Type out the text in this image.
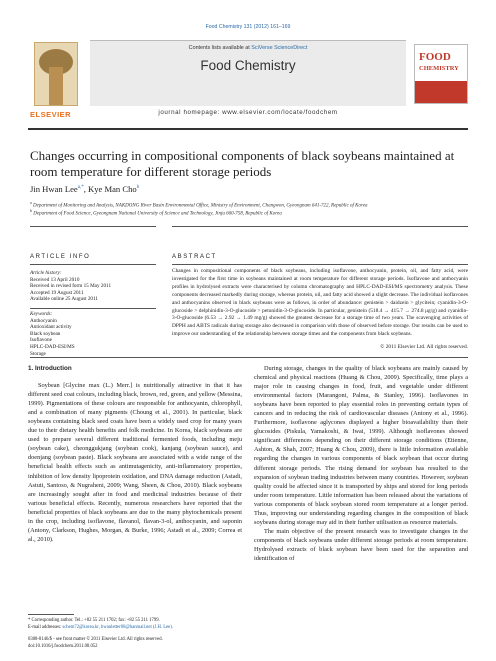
Food Chemistry 131 (2012) 161–169
ELSEVIER
Contents lists available at SciVerse ScienceDirect
Food Chemistry
journal homepage: www.elsevier.com/locate/foodchem
FOOD
CHEMISTRY
Changes occurring in compositional components of black soybeans maintained at room temperature for different storage periods
Jin Hwan Lee$^{a,*}$, Kye Man Cho$^b$
$^a$ Department of Monitoring and Analysis, NAKDONG River Basin Environmental Office, Ministry of Environment, Changwon, Gyeongnam 641-722, Republic of Korea
$^b$ Department of Food Science, Gyeongnam National University of Science and Technology, Jinju 660-758, Republic of Korea
ARTICLE INFO	ABSTRACT
Article history:
Received 13 April 2010
Received in revised form 15 May 2011
Accepted 19 August 2011
Available online 25 August 2011
Keywords:
Anthocyanin
Antioxidant activity
Black soybean
Isoflavone
HPLC-DAD-ESI/MS
Storage
Changes in compositional components of black soybeans, including isoflavone, anthocyanin, protein, oil, and fatty acid, were investigated for the first time in soybeans maintained at room temperature for different storage periods. Isoflavone and anthocyanin profiles in hydrolysed extracts were characterised by column chromatography and HPLC-DAD-ESI/MS spectrometry analysis. These components decreased markedly during storage, whereas protein, oil, and fatty acid showed a slight decrease. The individual isoflavones and anthocyanins observed in black soybeans were as follows, in order of abundance: genistein > daidzein > glycitein; cyanidin-3-O-glucoside > delphinidin-3-O-glucoside > petunidin-3-O-glucoside. In particular, genistein (518.4 → 415.7 → 274.8 μg/g) and cyanidin-3-O-glucoside (6.53 → 2.92 → 1.49 mg/g) showed the greatest decrease for a storage time of two years. The scavenging activities of DPPH and ABTS radicals during storage also decreased in comparison with those of observed before storage. Our results can be used to improve our understanding of the relationship between storage times and the components from black soybeans.
© 2011 Elsevier Ltd. All rights reserved.
1. Introduction

Soybean [Glycine max (L.) Merr.] is nutritionally attractive in that it has different seed coat colours, including black, brown, red, green, and yellow (Messina, 1999). Pigmentations of these colours are responsible for anthocyanin, chlorophyll, and a combination of many pigments (Choung et al., 2001). In particular, black soybeans containing black seed coats have been a widely used crop for many years due to their dietary health benefits and folk medicine. In Korea, black soybeans are used to prepare several different traditional fermented foods, including meju (soybean cake), cheonggukjang (soybean cook), kanjang (soybean sauce), and doenjang (soybean paste). Black soybeans are associated with a wide range of the beneficial health effects such as antimutagenicity, anti-inflammatory properties, inhibition of low density lipoprotein oxidation, and DNA damage reduction (Astadi, Astuti, Santoso, & Nugraheni, 2009; Wang, Sheen, & Chou, 2010). Black soybeans are increasingly sought after in food and medicinal industries because of their various beneficial effects. Recently, numerous researchers have reported that the beneficial properties of black soybeans are due to the many phytochemicals present in the crop, including isoflavone, flavanol, flavan-3-ol, anthocyanin, and saponin (Antony, Clarkson, Hughes, Morgan, & Burke, 1996; Astadi et al., 2009; Correa et al., 2010).

During storage, changes in the quality of black soybeans are mainly caused by chemical and physical reactions (Huang & Chou, 2009). Specifically, time plays a major role in causing changes in food, fruit, and vegetable under different environmental factors (Marangoni, Palma, & Stanley, 1996). Isoflavones in soybeans have been reported to play essential roles in preventing certain types of cancers and in reducing the risk of cardiovascular diseases (Antony et al., 1996). Furthermore, isoflavone aglycones displayed a higher bioavailability than their glucosides (Piskula, Yamakoshi, & Iwai, 1999). Although isoflavones showed significant differences depending on their different storage conditions (Etienne, Ashton, & Shah, 2007; Huang & Chou, 2009), there is little information available regarding the changes in various components of black soybean that occur during different storage periods. The rising demand for soybean has resulted to the expansion of soybean trading industries between many countries. However, soybean quality could be affected since it is transported by ships and stored for long periods under room temperature. Little information has been released about the variations of various components of black soybean stored room temperature at a longer period. Thus, improving our understanding regarding changes in the composition of black soybeans during storage may aid in their further utilisation as resource materials.

The main objective of the present research was to investigate changes in the components of black soybeans under different storage periods at room temperature. Hydrolysed extracts of black soybean have been used for the separation and identification of

* Corresponding author. Tel.: +82 55 211 1702; fax: +82 55 211 1799.
E-mail addresses: schem72@korea.kr, bwanletter08@hanmail.net (J.H. Lee).
0308-8146/$ - see front matter © 2011 Elsevier Ltd. All rights reserved.
doi:10.1016/j.foodchem.2011.08.052
